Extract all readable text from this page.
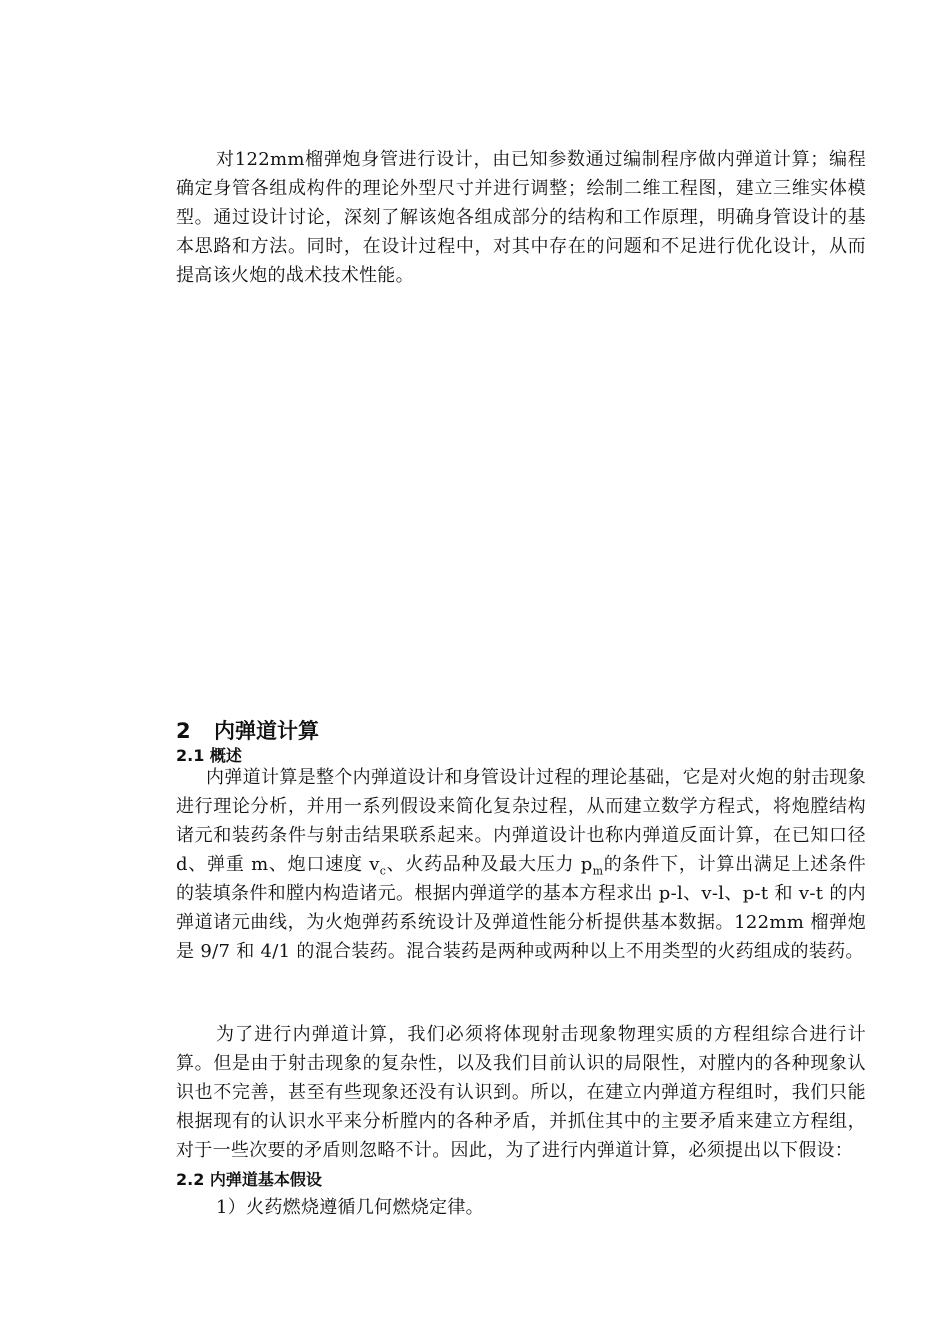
对122mm榴弹炮身管进行设计，由已知参数通过编制程序做内弹道计算；编程确定身管各组成构件的理论外型尺寸并进行调整；绘制二维工程图，建立三维实体模型。通过设计讨论，深刻了解该炮各组成部分的结构和工作原理，明确身管设计的基本思路和方法。同时，在设计过程中，对其中存在的问题和不足进行优化设计，从而提高该火炮的战术技术性能。

2 内弹道计算
2.1 概述

内弹道计算是整个内弹道设计和身管设计过程的理论基础，它是对火炮的射击现象进行理论分析，并用一系列假设来简化复杂过程，从而建立数学方程式，将炮膛结构诸元和装药条件与射击结果联系起来。内弹道设计也称内弹道反面计算，在已知口径 d、弹重 m、炮口速度 $v_c$、火药品种及最大压力 $p_m$的条件下，计算出满足上述条件的装填条件和膛内构造诸元。根据内弹道学的基本方程求出 p-l、v-l、p-t 和 v-t 的内弹道诸元曲线，为火炮弹药系统设计及弹道性能分析提供基本数据。122mm 榴弹炮是 9/7 和 4/1 的混合装药。混合装药是两种或两种以上不用类型的火药组成的装药。

为了进行内弹道计算，我们必须将体现射击现象物理实质的方程组综合进行计算。但是由于射击现象的复杂性，以及我们目前认识的局限性，对膛内的各种现象认识也不完善，甚至有些现象还没有认识到。所以，在建立内弹道方程组时，我们只能根据现有的认识水平来分析膛内的各种矛盾，并抓住其中的主要矛盾来建立方程组，对于一些次要的矛盾则忽略不计。因此，为了进行内弹道计算，必须提出以下假设：

2.2 内弹道基本假设
1）火药燃烧遵循几何燃烧定律。
